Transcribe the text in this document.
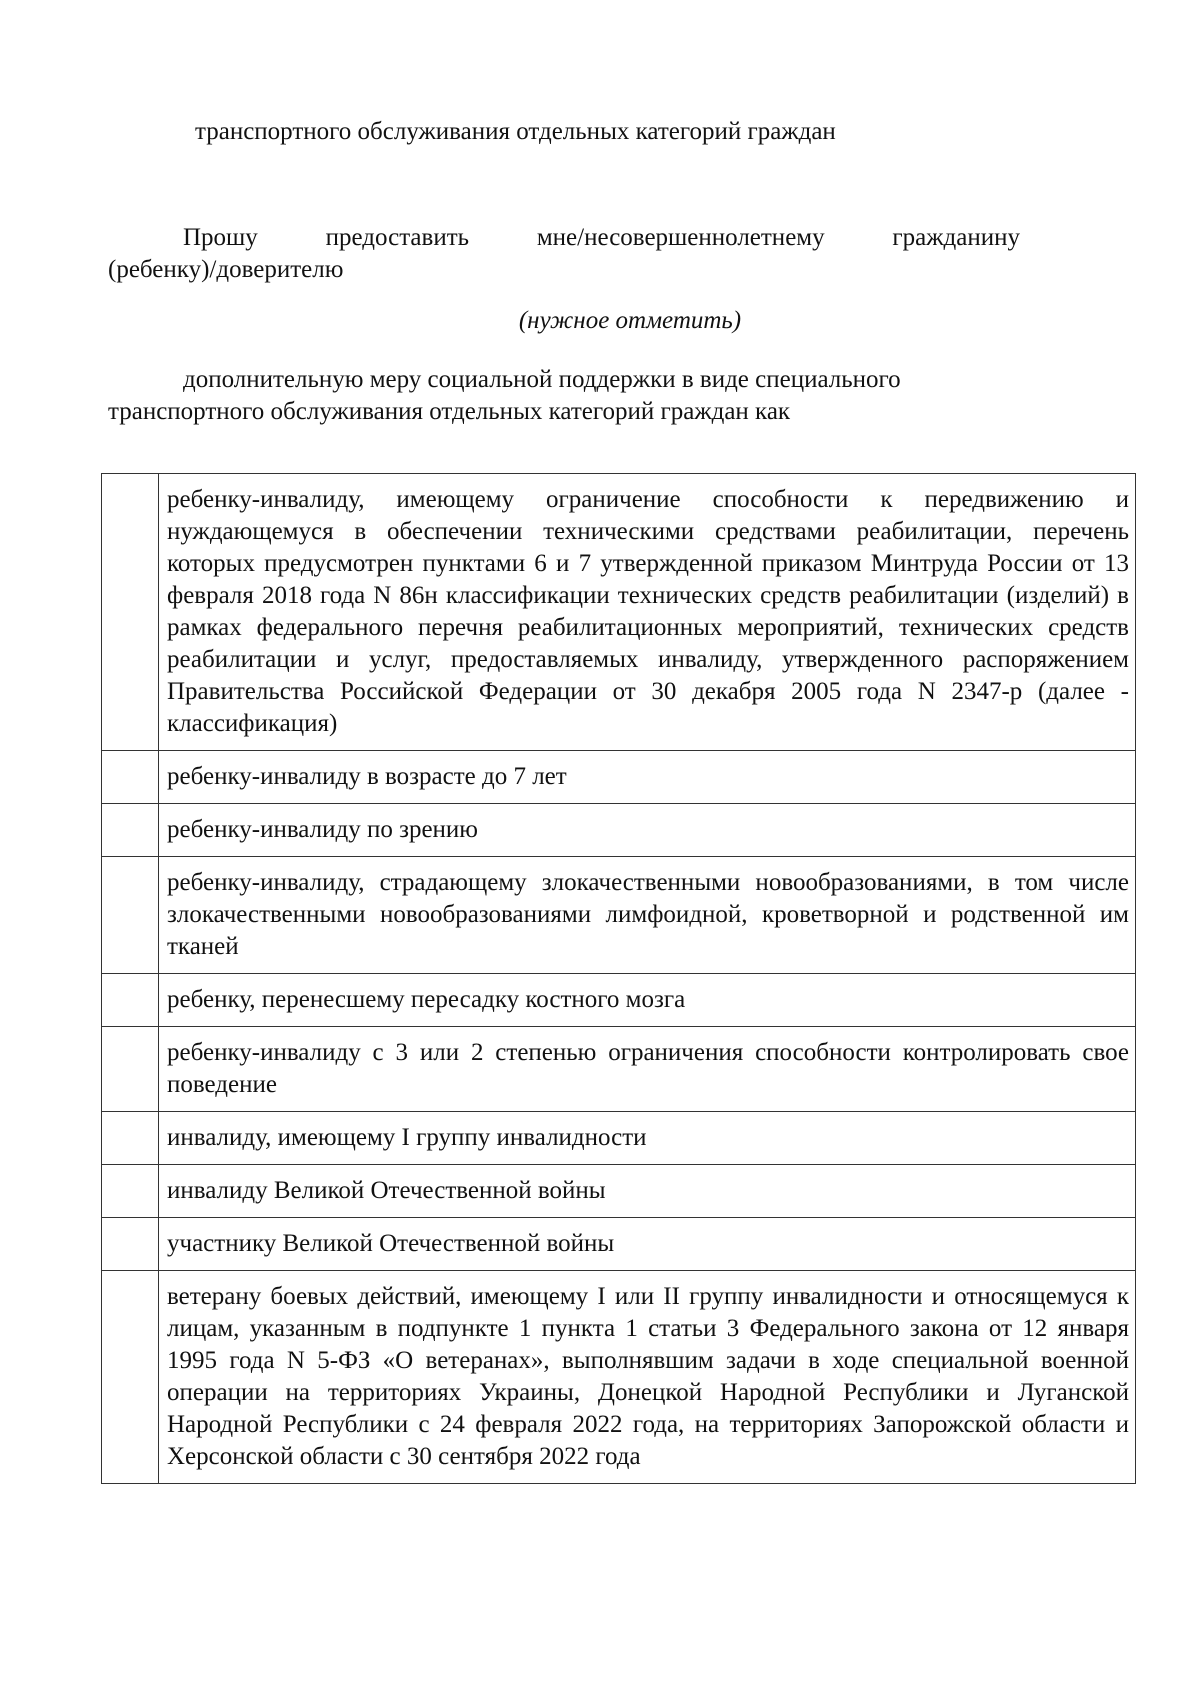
транспортного обслуживания отдельных категорий граждан
Прошу предоставить мне/несовершеннолетнему гражданину
(ребенку)/доверителю
(нужное отметить)
дополнительную меру социальной поддержки в виде специального
транспортного обслуживания отдельных категорий граждан как
	ребенку-инвалиду, имеющему ограничение способности к передвижению и нуждающемуся в обеспечении техническими средствами реабилитации, перечень которых предусмотрен пунктами 6 и 7 утвержденной приказом Минтруда России от 13 февраля 2018 года N 86н классификации технических средств реабилитации (изделий) в рамках федерального перечня реабилитационных мероприятий, технических средств реабилитации и услуг, предоставляемых инвалиду, утвержденного распоряжением Правительства Российской Федерации от 30 декабря 2005 года N 2347-р (далее - классификация)
	ребенку-инвалиду в возрасте до 7 лет
	ребенку-инвалиду по зрению
	ребенку-инвалиду, страдающему злокачественными новообразованиями, в том числе злокачественными новообразованиями лимфоидной, кроветворной и родственной им тканей
	ребенку, перенесшему пересадку костного мозга
	ребенку-инвалиду с 3 или 2 степенью ограничения способности контролировать свое поведение
	инвалиду, имеющему I группу инвалидности
	инвалиду Великой Отечественной войны
	участнику Великой Отечественной войны
	ветерану боевых действий, имеющему I или II группу инвалидности и относящемуся к лицам, указанным в подпункте 1 пункта 1 статьи 3 Федерального закона от 12 января 1995 года N 5-ФЗ «О ветеранах», выполнявшим задачи в ходе специальной военной операции на территориях Украины, Донецкой Народной Республики и Луганской Народной Республики с 24 февраля 2022 года, на территориях Запорожской области и Херсонской области с 30 сентября 2022 года
